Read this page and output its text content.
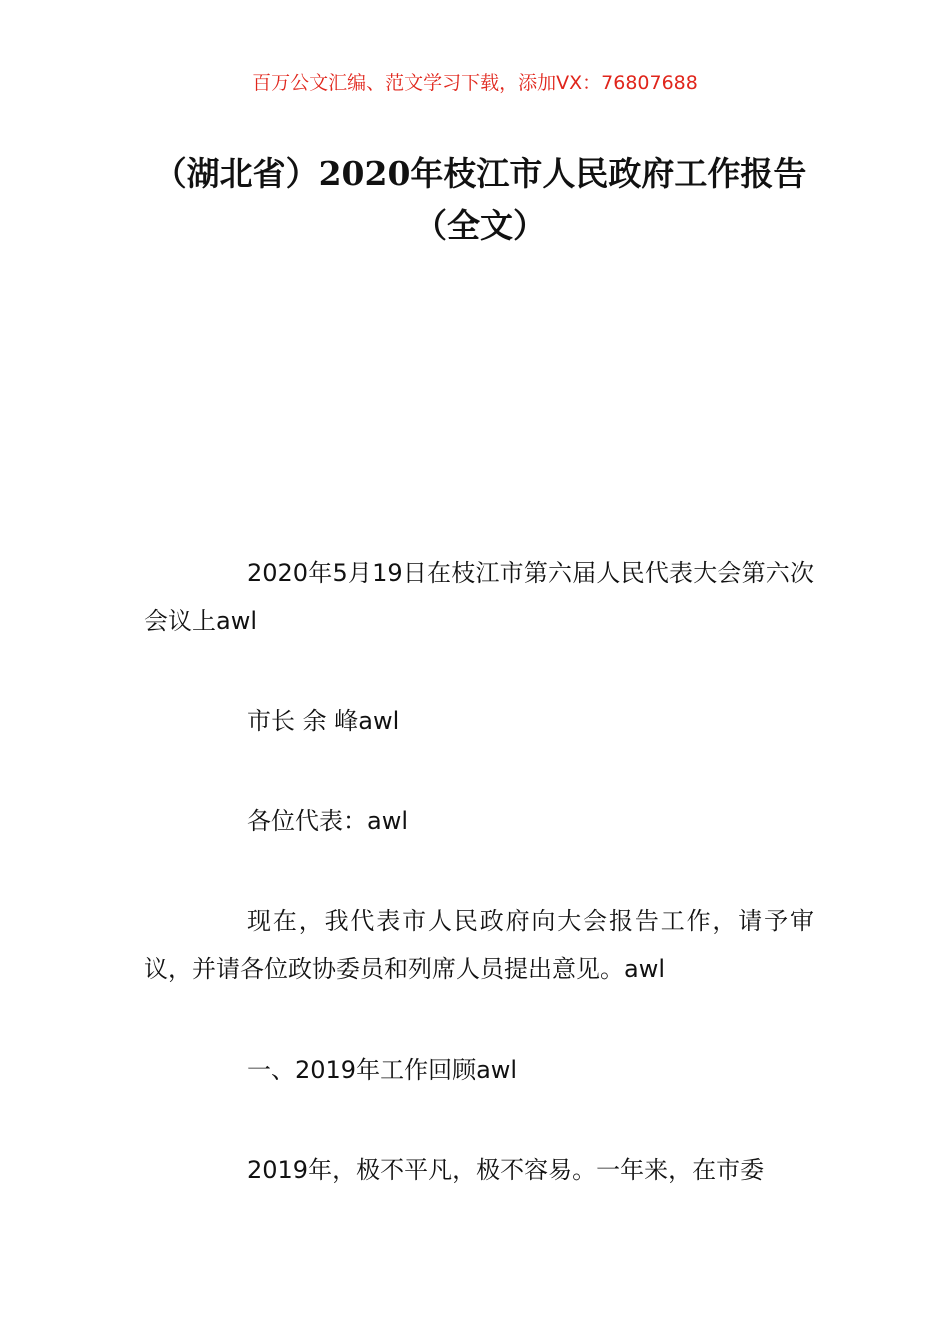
百万公文汇编、范文学习下载，添加VX：76807688
（湖北省）2020年枝江市人民政府工作报告（全文）

2020年5月19日在枝江市第六届人民代表大会第六次会议上awl

市长 余 峰awl

各位代表：awl

现在，我代表市人民政府向大会报告工作，请予审议，并请各位政协委员和列席人员提出意见。awl

一、2019年工作回顾awl

2019年，极不平凡，极不容易。一年来，在市委
